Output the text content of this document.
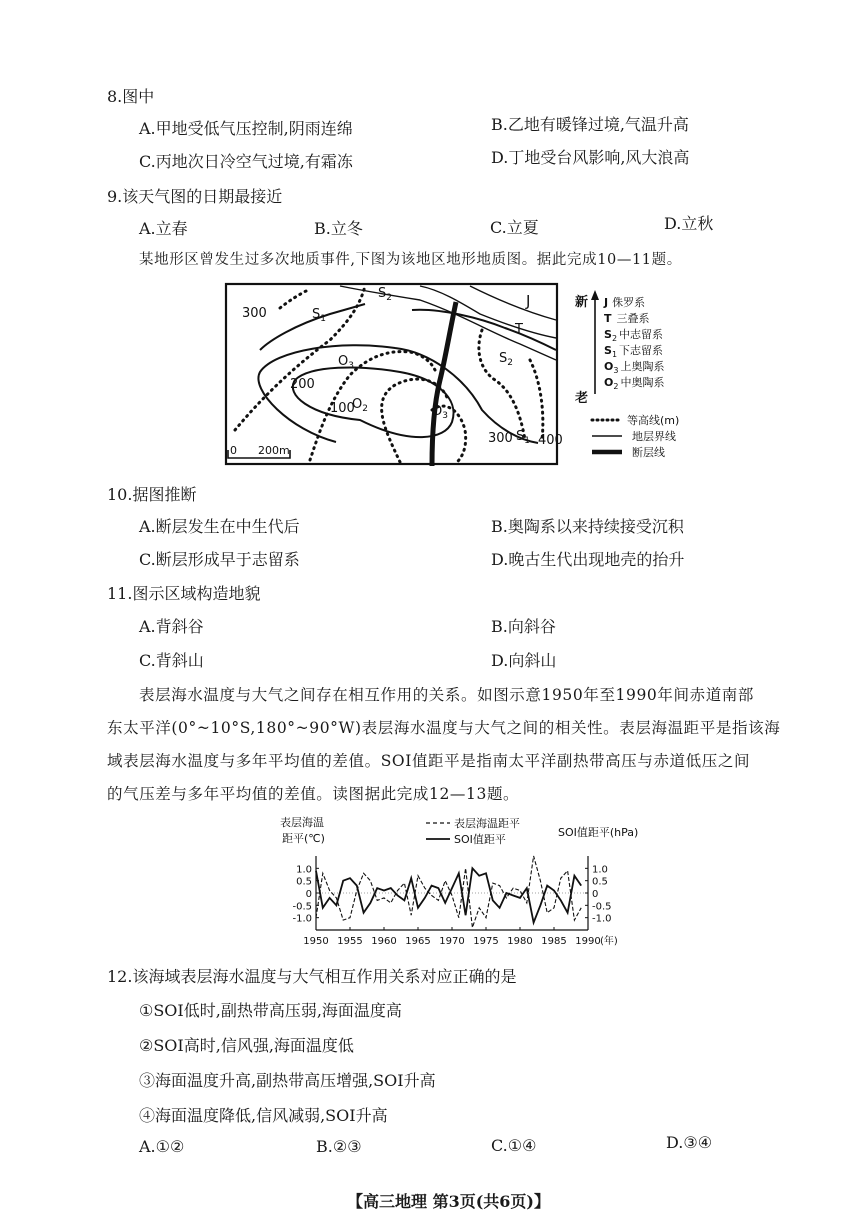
8.图中
A.甲地受低气压控制,阴雨连绵	B.乙地有暖锋过境,气温升高
C.丙地次日冷空气过境,有霜冻	D.丁地受台风影响,风大浪高
9.该天气图的日期最接近
A.立春	B.立冬	C.立夏	D.立秋
某地形区曾发生过多次地质事件,下图为该地区地形地质图。据此完成10—11题。
300
200
100
300 400
$S_1$
$S_2$	J
T
$S_2$
$O_3$
$O_2$	$O_3$
$S_1$
0 200m
新
老
J 侏罗系
T 三叠系
$S_2$ 中志留系
$S_1$ 下志留系
$O_3$ 上奥陶系
$O_2$ 中奥陶系
等高线(m)
地层界线
断层线
10.据图推断
A.断层发生在中生代后	B.奥陶系以来持续接受沉积
C.断层形成早于志留系	D.晚古生代出现地壳的抬升
11.图示区域构造地貌
A.背斜谷	B.向斜谷
C.背斜山	D.向斜山
表层海水温度与大气之间存在相互作用的关系。如图示意1950年至1990年间赤道南部
东太平洋(0°~10°S,180°~90°W)表层海水温度与大气之间的相关性。表层海温距平是指该海
域表层海水温度与多年平均值的差值。SOI值距平是指南太平洋副热带高压与赤道低压之间
的气压差与多年平均值的差值。读图据此完成12—13题。
表层海温
距平(℃)	SOI值距平(hPa)
表层海温距平
SOI值距平
1.0	1.0
0.5	0.5
0	0
-0.5	-0.5
-1.0	-1.0
1950 1955 1960 1965 1970 1975 1980 1985 1990 (年)
12.该海域表层海水温度与大气相互作用关系对应正确的是
①SOI低时,副热带高压弱,海面温度高
②SOI高时,信风强,海面温度低
③海面温度升高,副热带高压增强,SOI升高
④海面温度降低,信风减弱,SOI升高
A.①②	B.②③	C.①④	D.③④
【高三地理 第3页(共6页)】
